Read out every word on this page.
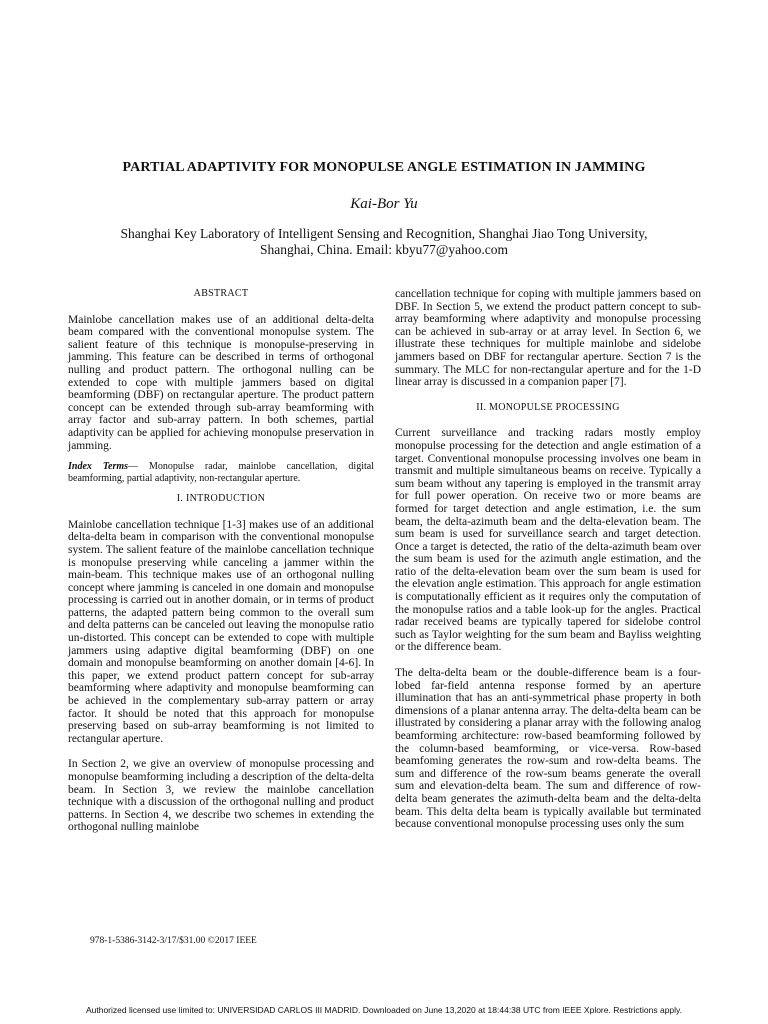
PARTIAL ADAPTIVITY FOR MONOPULSE ANGLE ESTIMATION IN JAMMING
Kai-Bor Yu
Shanghai Key Laboratory of Intelligent Sensing and Recognition, Shanghai Jiao Tong University,
Shanghai, China. Email: kbyu77@yahoo.com

ABSTRACT

Mainlobe cancellation makes use of an additional delta-delta beam compared with the conventional monopulse system. The salient feature of this technique is monopulse-preserving in jamming. This feature can be described in terms of orthogonal nulling and product pattern. The orthogonal nulling can be extended to cope with multiple jammers based on digital beamforming (DBF) on rectangular aperture. The product pattern concept can be extended through sub-array beamforming with array factor and sub-array pattern. In both schemes, partial adaptivity can be applied for achieving monopulse preservation in jamming.

Index Terms— Monopulse radar, mainlobe cancellation, digital beamforming, partial adaptivity, non-rectangular aperture.

I. INTRODUCTION

Mainlobe cancellation technique [1-3] makes use of an additional delta-delta beam in comparison with the conventional monopulse system. The salient feature of the mainlobe cancellation technique is monopulse preserving while canceling a jammer within the main-beam. This technique makes use of an orthogonal nulling concept where jamming is canceled in one domain and monopulse processing is carried out in another domain, or in terms of product patterns, the adapted pattern being common to the overall sum and delta patterns can be canceled out leaving the monopulse ratio un-distorted. This concept can be extended to cope with multiple jammers using adaptive digital beamforming (DBF) on one domain and monopulse beamforming on another domain [4-6]. In this paper, we extend product pattern concept for sub-array beamforming where adaptivity and monopulse beamforming can be achieved in the complementary sub-array pattern or array factor. It should be noted that this approach for monopulse preserving based on sub-array beamforming is not limited to rectangular aperture.

In Section 2, we give an overview of monopulse processing and monopulse beamforming including a description of the delta-delta beam. In Section 3, we review the mainlobe cancellation technique with a discussion of the orthogonal nulling and product patterns. In Section 4, we describe two schemes in extending the orthogonal nulling mainlobe

cancellation technique for coping with multiple jammers based on DBF. In Section 5, we extend the product pattern concept to sub-array beamforming where adaptivity and monopulse processing can be achieved in sub-array or at array level. In Section 6, we illustrate these techniques for multiple mainlobe and sidelobe jammers based on DBF for rectangular aperture. Section 7 is the summary. The MLC for non-rectangular aperture and for the 1-D linear array is discussed in a companion paper [7].

II. MONOPULSE PROCESSING

Current surveillance and tracking radars mostly employ monopulse processing for the detection and angle estimation of a target. Conventional monopulse processing involves one beam in transmit and multiple simultaneous beams on receive. Typically a sum beam without any tapering is employed in the transmit array for full power operation. On receive two or more beams are formed for target detection and angle estimation, i.e. the sum beam, the delta-azimuth beam and the delta-elevation beam. The sum beam is used for surveillance search and target detection. Once a target is detected, the ratio of the delta-azimuth beam over the sum beam is used for the azimuth angle estimation, and the ratio of the delta-elevation beam over the sum beam is used for the elevation angle estimation. This approach for angle estimation is computationally efficient as it requires only the computation of the monopulse ratios and a table look-up for the angles. Practical radar received beams are typically tapered for sidelobe control such as Taylor weighting for the sum beam and Bayliss weighting or the difference beam.

The delta-delta beam or the double-difference beam is a four-lobed far-field antenna response formed by an aperture illumination that has an anti-symmetrical phase property in both dimensions of a planar antenna array. The delta-delta beam can be illustrated by considering a planar array with the following analog beamforming architecture: row-based beamforming followed by the column-based beamforming, or vice-versa. Row-based beamfoming generates the row-sum and row-delta beams. The sum and difference of the row-sum beams generate the overall sum and elevation-delta beam. The sum and difference of row-delta beam generates the azimuth-delta beam and the delta-delta beam. This delta delta beam is typically available but terminated because conventional monopulse processing uses only the sum

978-1-5386-3142-3/17/$31.00 ©2017 IEEE
Authorized licensed use limited to: UNIVERSIDAD CARLOS III MADRID. Downloaded on June 13,2020 at 18:44:38 UTC from IEEE Xplore. Restrictions apply.
